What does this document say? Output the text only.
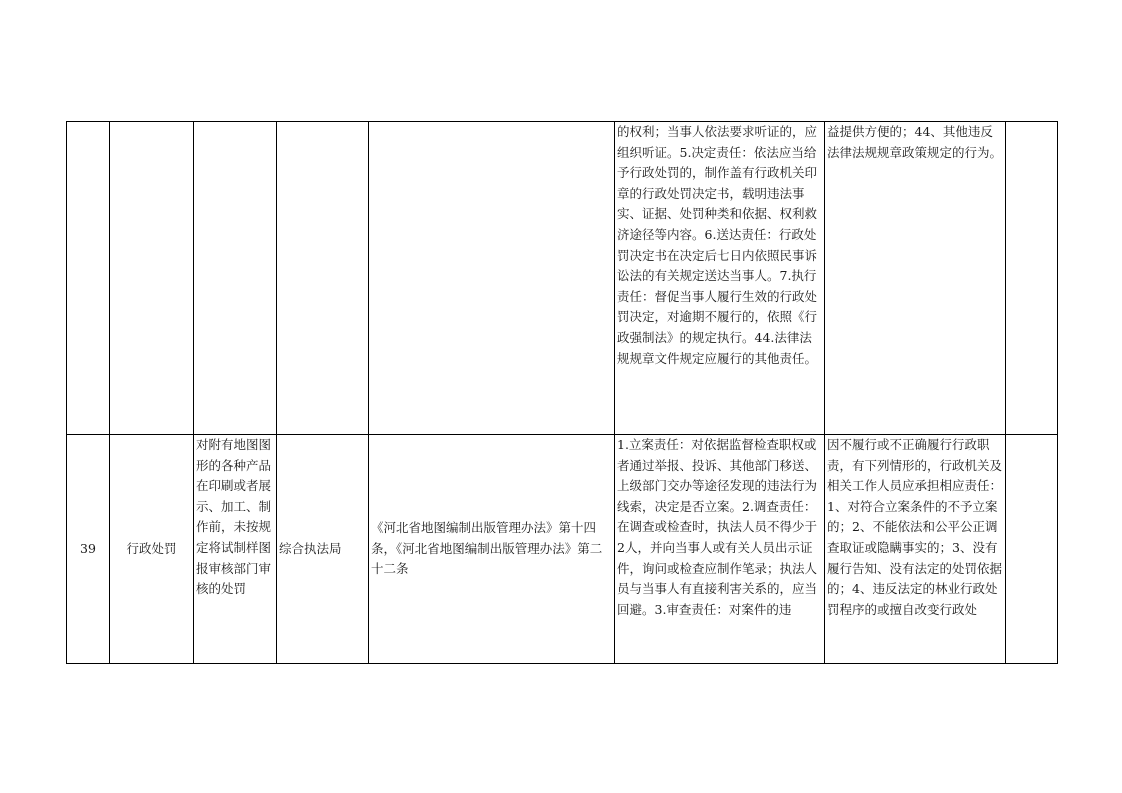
					的权利；当事人依法要求听证的，应组织听证。5.决定责任：依法应当给予行政处罚的，制作盖有行政机关印章的行政处罚决定书，载明违法事实、证据、处罚种类和依据、权利救济途径等内容。6.送达责任：行政处罚决定书在决定后七日内依照民事诉讼法的有关规定送达当事人。7.执行责任：督促当事人履行生效的行政处罚决定，对逾期不履行的，依照《行政强制法》的规定执行。44.法律法规规章文件规定应履行的其他责任。	益提供方便的；44、其他违反法律法规规章政策规定的行为。	
39	行政处罚	对附有地图图形的各种产品在印刷或者展示、加工、制作前，未按规定将试制样图报审核部门审核的处罚	综合执法局	《河北省地图编制出版管理办法》第十四条，《河北省地图编制出版管理办法》第二十二条	1.立案责任：对依据监督检查职权或者通过举报、投诉、其他部门移送、上级部门交办等途径发现的违法行为线索，决定是否立案。2.调查责任：在调查或检查时，执法人员不得少于2人，并向当事人或有关人员出示证件，询问或检查应制作笔录；执法人员与当事人有直接利害关系的，应当回避。3.审查责任：对案件的违	因不履行或不正确履行行政职责，有下列情形的，行政机关及相关工作人员应承担相应责任：1、对符合立案条件的不予立案的；2、不能依法和公平公正调查取证或隐瞒事实的；3、没有履行告知、没有法定的处罚依据的；4、违反法定的林业行政处罚程序的或擅自改变行政处	
